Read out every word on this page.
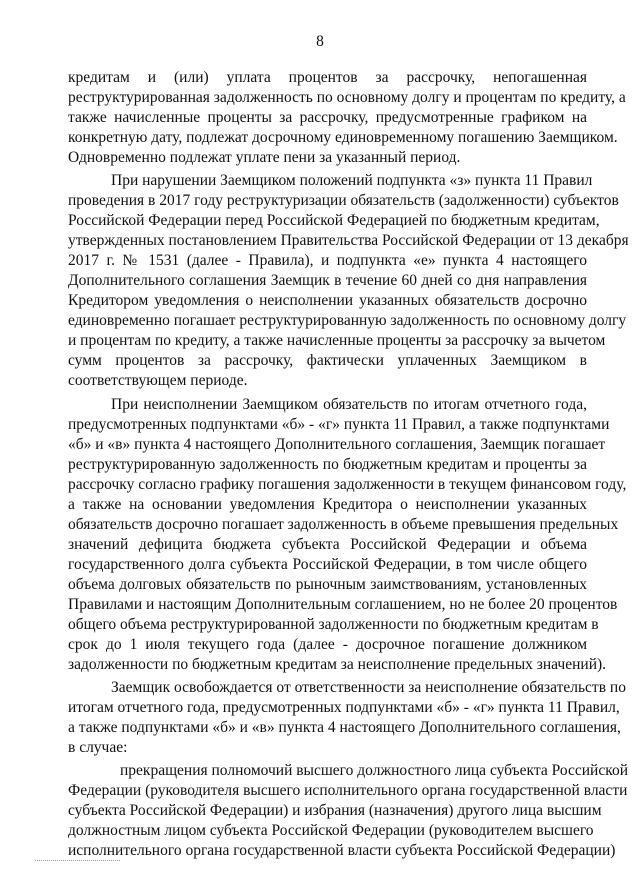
8
кредитам и (или) уплата процентов за рассрочку, непогашенная
реструктурированная задолженность по основному долгу и процентам по кредиту, а
также начисленные проценты за рассрочку, предусмотренные графиком на
конкретную дату, подлежат досрочному единовременному погашению Заемщиком.
Одновременно подлежат уплате пени за указанный период.
При нарушении Заемщиком положений подпункта «з» пункта 11 Правил
проведения в 2017 году реструктуризации обязательств (задолженности) субъектов
Российской Федерации перед Российской Федерацией по бюджетным кредитам,
утвержденных постановлением Правительства Российской Федерации от 13 декабря
2017 г. № 1531 (далее - Правила), и подпункта «е» пункта 4 настоящего
Дополнительного соглашения Заемщик в течение 60 дней со дня направления
Кредитором уведомления о неисполнении указанных обязательств досрочно
единовременно погашает реструктурированную задолженность по основному долгу
и процентам по кредиту, а также начисленные проценты за рассрочку за вычетом
сумм процентов за рассрочку, фактически уплаченных Заемщиком в
соответствующем периоде.
При неисполнении Заемщиком обязательств по итогам отчетного года,
предусмотренных подпунктами «б» - «г» пункта 11 Правил, а также подпунктами
«б» и «в» пункта 4 настоящего Дополнительного соглашения, Заемщик погашает
реструктурированную задолженность по бюджетным кредитам и проценты за
рассрочку согласно графику погашения задолженности в текущем финансовом году,
а также на основании уведомления Кредитора о неисполнении указанных
обязательств досрочно погашает задолженность в объеме превышения предельных
значений дефицита бюджета субъекта Российской Федерации и объема
государственного долга субъекта Российской Федерации, в том числе общего
объема долговых обязательств по рыночным заимствованиям, установленных
Правилами и настоящим Дополнительным соглашением, но не более 20 процентов
общего объема реструктурированной задолженности по бюджетным кредитам в
срок до 1 июля текущего года (далее - досрочное погашение должником
задолженности по бюджетным кредитам за неисполнение предельных значений).
Заемщик освобождается от ответственности за неисполнение обязательств по
итогам отчетного года, предусмотренных подпунктами «б» - «г» пункта 11 Правил,
а также подпунктами «б» и «в» пункта 4 настоящего Дополнительного соглашения,
в случае:
прекращения полномочий высшего должностного лица субъекта Российской
Федерации (руководителя высшего исполнительного органа государственной власти
субъекта Российской Федерации) и избрания (назначения) другого лица высшим
должностным лицом субъекта Российской Федерации (руководителем высшего
исполнительного органа государственной власти субъекта Российской Федерации)
